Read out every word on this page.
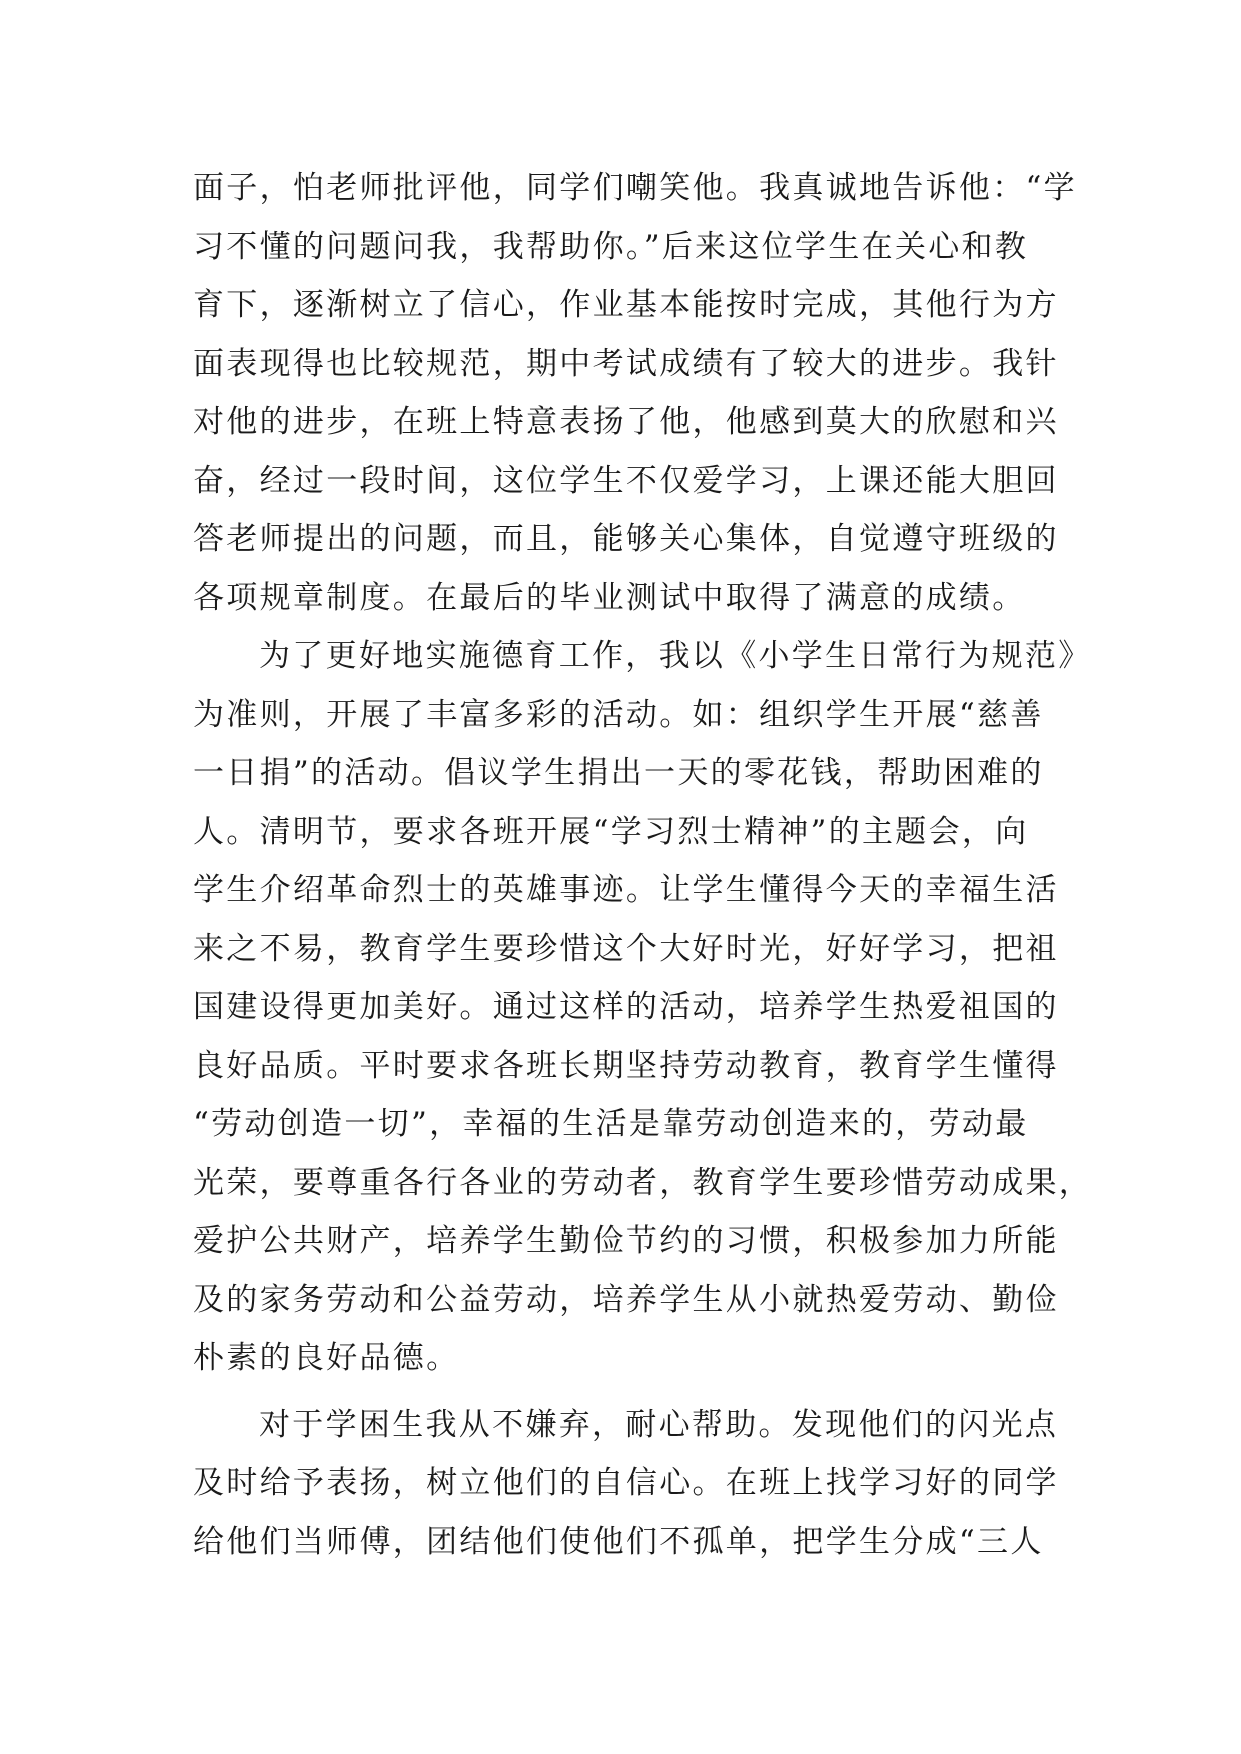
面子，怕老师批评他，同学们嘲笑他。我真诚地告诉他：“学
习不懂的问题问我，我帮助你。”后来这位学生在关心和教
育下，逐渐树立了信心，作业基本能按时完成，其他行为方
面表现得也比较规范，期中考试成绩有了较大的进步。我针
对他的进步，在班上特意表扬了他，他感到莫大的欣慰和兴
奋，经过一段时间，这位学生不仅爱学习，上课还能大胆回
答老师提出的问题，而且，能够关心集体，自觉遵守班级的
各项规章制度。在最后的毕业测试中取得了满意的成绩。
为了更好地实施德育工作，我以《小学生日常行为规范》
为准则，开展了丰富多彩的活动。如：组织学生开展“慈善
一日捐”的活动。倡议学生捐出一天的零花钱，帮助困难的
人。清明节，要求各班开展“学习烈士精神”的主题会，向
学生介绍革命烈士的英雄事迹。让学生懂得今天的幸福生活
来之不易，教育学生要珍惜这个大好时光，好好学习，把祖
国建设得更加美好。通过这样的活动，培养学生热爱祖国的
良好品质。平时要求各班长期坚持劳动教育，教育学生懂得
“劳动创造一切”，幸福的生活是靠劳动创造来的，劳动最
光荣，要尊重各行各业的劳动者，教育学生要珍惜劳动成果，
爱护公共财产，培养学生勤俭节约的习惯，积极参加力所能
及的家务劳动和公益劳动，培养学生从小就热爱劳动、勤俭
朴素的良好品德。
对于学困生我从不嫌弃，耐心帮助。发现他们的闪光点
及时给予表扬，树立他们的自信心。在班上找学习好的同学
给他们当师傅，团结他们使他们不孤单，把学生分成“三人
